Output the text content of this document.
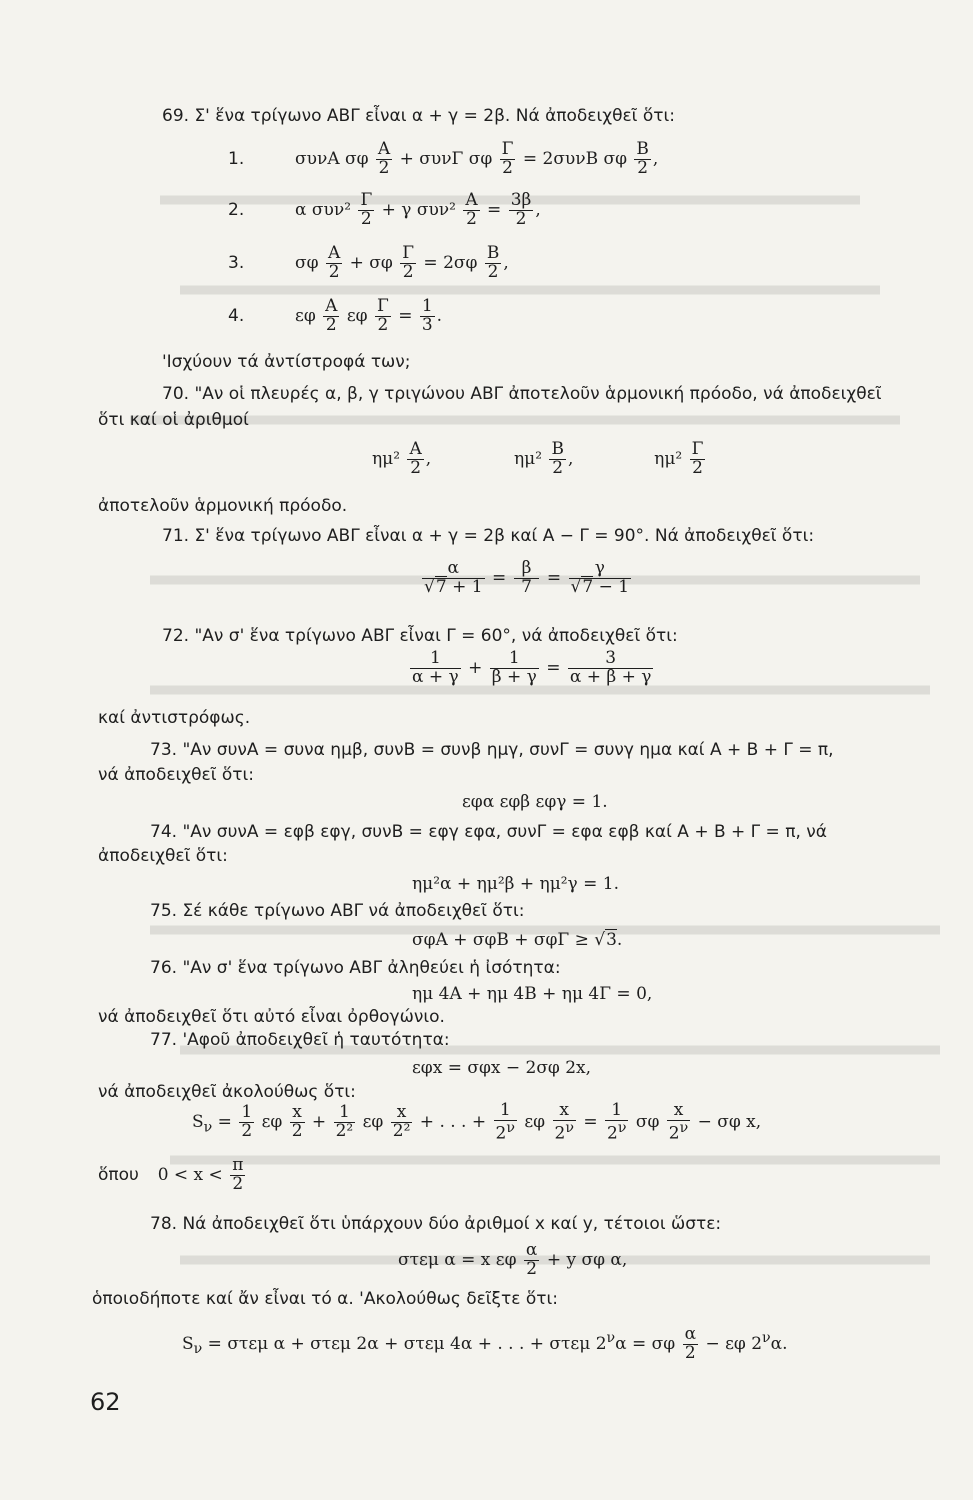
69. Σ' ἕνα τρίγωνο ΑΒΓ εἶναι α + γ = 2β. Νά ἀποδειχθεῖ ὅτι:
1.	συνΑ σφ $\frac{A}{2} + \sigma\upsilon\nu\Gamma$ σφ $\frac{\Gamma}{2} = 2\sigma\upsilon\nu B$ σφ $\frac{B}{2}$ ,
2.	α $\sigma\upsilon\nu^2 \frac{\Gamma}{2} + \gamma$ $\sigma\upsilon\nu^2 \frac{A}{2} = \frac{3\beta}{2}$ ,
3.	σφ $\frac{A}{2} + \sigma\varphi \frac{\Gamma}{2} = 2\sigma\varphi \frac{B}{2}$ ,
4.	εφ $\frac{A}{2}$ εφ $\frac{\Gamma}{2} = \frac{1}{3}$ .
'Ισχύουν τά ἀντίστροφά των;
70. "Αν οἱ πλευρές α, β, γ τριγώνου ΑΒΓ ἀποτελοῦν ἁρμονική πρόοδο, νά ἀποδειχθεῖ
ὅτι καί οἱ ἀριθμοί
$\eta\mu^2 \frac{A}{2}$ ,	$\eta\mu^2 \frac{B}{2}$ ,	$\eta\mu^2 \frac{\Gamma}{2}$
ἀποτελοῦν ἁρμονική πρόοδο.
71. Σ' ἕνα τρίγωνο ΑΒΓ εἶναι α + γ = 2β καί Α − Γ = 90°. Νά ἀποδειχθεῖ ὅτι:
$\frac{\alpha}{√7 + 1} = \frac{\beta}{7} = \frac{\gamma}{√7 - 1}$
72. "Αν σ' ἕνα τρίγωνο ΑΒΓ εἶναι Γ = 60°, νά ἀποδειχθεῖ ὅτι:
$\frac{1}{\alpha + \gamma} + \frac{1}{\beta + \gamma} = \frac{3}{\alpha + \beta + \gamma}$
καί ἀντιστρόφως.
73. "Αν συνΑ = συνα ημβ, συνΒ = συνβ ημγ, συνΓ = συνγ ημα καί Α + Β + Γ = π,
νά ἀποδειχθεῖ ὅτι:
εφα εφβ εφγ = 1.
74. "Αν συνΑ = εφβ εφγ, συνΒ = εφγ εφα, συνΓ = εφα εφβ καί Α + Β + Γ = π, νά
ἀποδειχθεῖ ὅτι:
ημ²α + ημ²β + ημ²γ = 1.
75. Σέ κάθε τρίγωνο ΑΒΓ νά ἀποδειχθεῖ ὅτι:
σφΑ + σφΒ + σφΓ ≥ √3.
76. "Αν σ' ἕνα τρίγωνο ΑΒΓ ἀληθεύει ἡ ἰσότητα:
ημ 4Α + ημ 4Β + ημ 4Γ = 0,
νά ἀποδειχθεῖ ὅτι αὐτό εἶναι ὀρθογώνιο.
77. 'Αφοῦ ἀποδειχθεῖ ἡ ταυτότητα:
εφx = σφx − 2σφ 2x,
νά ἀποδειχθεῖ ἀκολούθως ὅτι:
$S_\nu = \frac{1}{2}$ εφ $\frac{x}{2} + \frac{1}{\text{2²}}$ εφ $\frac{x}{\text{2²}}$ + . . . + $\frac{1}{2^\nu}$ εφ $\frac{x}{2^\nu} = \frac{1}{2^\nu}$ σφ $\frac{x}{2^\nu} - \sigma\varphi$ x,
ὅπου $0 < x < \frac{\pi}{2}$
78. Νά ἀποδειχθεῖ ὅτι ὑπάρχουν δύο ἀριθμοί x καί y, τέτοιοι ὥστε:
στεμ α = x εφ $\frac{\alpha}{2} + y$ σφ α,
ὁποιοδήποτε καί ἄν εἶναι τό α. 'Ακολούθως δεῖξτε ὅτι:
$S_\nu = \sigma\tau\varepsilon\mu$ α + στεμ 2α + στεμ 4α + . . . + στεμ $2^\nu\alpha = \sigma\varphi \frac{\alpha}{2} - \varepsilon\varphi$ $2^\nu\alpha$.
62
